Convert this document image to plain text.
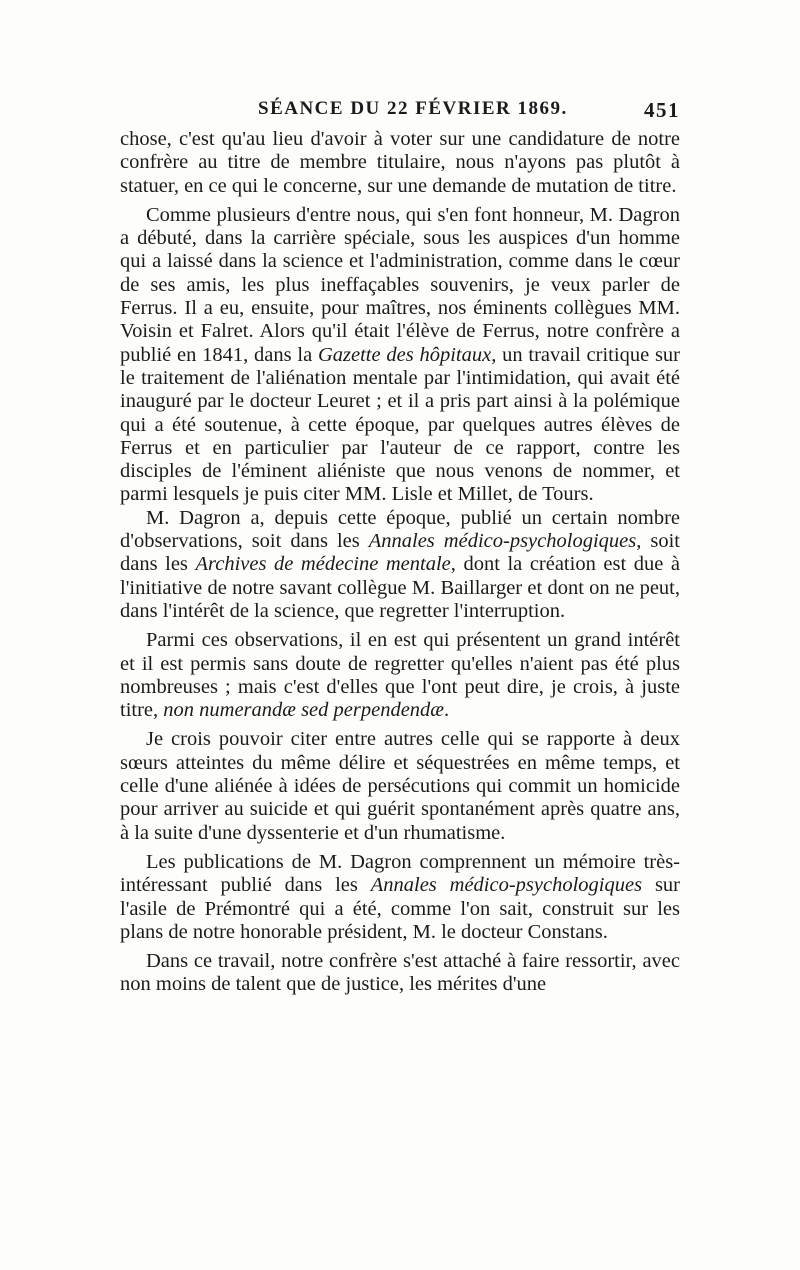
SÉANCE DU 22 FÉVRIER 1869.	451

chose, c'est qu'au lieu d'avoir à voter sur une candidature de notre confrère au titre de membre titulaire, nous n'ayons pas plutôt à statuer, en ce qui le concerne, sur une demande de mutation de titre.

Comme plusieurs d'entre nous, qui s'en font honneur, M. Dagron a débuté, dans la carrière spéciale, sous les auspices d'un homme qui a laissé dans la science et l'administration, comme dans le cœur de ses amis, les plus ineffaçables souvenirs, je veux parler de Ferrus. Il a eu, ensuite, pour maîtres, nos éminents collègues MM. Voisin et Falret. Alors qu'il était l'élève de Ferrus, notre confrère a publié en 1841, dans la Gazette des hôpitaux, un travail critique sur le traitement de l'aliénation mentale par l'intimidation, qui avait été inauguré par le docteur Leuret ; et il a pris part ainsi à la polémique qui a été soutenue, à cette époque, par quelques autres élèves de Ferrus et en particulier par l'auteur de ce rapport, contre les disciples de l'éminent aliéniste que nous venons de nommer, et parmi lesquels je puis citer MM. Lisle et Millet, de Tours.

M. Dagron a, depuis cette époque, publié un certain nombre d'observations, soit dans les Annales médico-psychologiques, soit dans les Archives de médecine mentale, dont la création est due à l'initiative de notre savant collègue M. Baillarger et dont on ne peut, dans l'intérêt de la science, que regretter l'interruption.

Parmi ces observations, il en est qui présentent un grand intérêt et il est permis sans doute de regretter qu'elles n'aient pas été plus nombreuses ; mais c'est d'elles que l'ont peut dire, je crois, à juste titre, non numerandæ sed perpendendæ.

Je crois pouvoir citer entre autres celle qui se rapporte à deux sœurs atteintes du même délire et séquestrées en même temps, et celle d'une aliénée à idées de persécutions qui commit un homicide pour arriver au suicide et qui guérit spontanément après quatre ans, à la suite d'une dyssenterie et d'un rhumatisme.

Les publications de M. Dagron comprennent un mémoire très-intéressant publié dans les Annales médico-psychologiques sur l'asile de Prémontré qui a été, comme l'on sait, construit sur les plans de notre honorable président, M. le docteur Constans.

Dans ce travail, notre confrère s'est attaché à faire ressortir, avec non moins de talent que de justice, les mérites d'une
